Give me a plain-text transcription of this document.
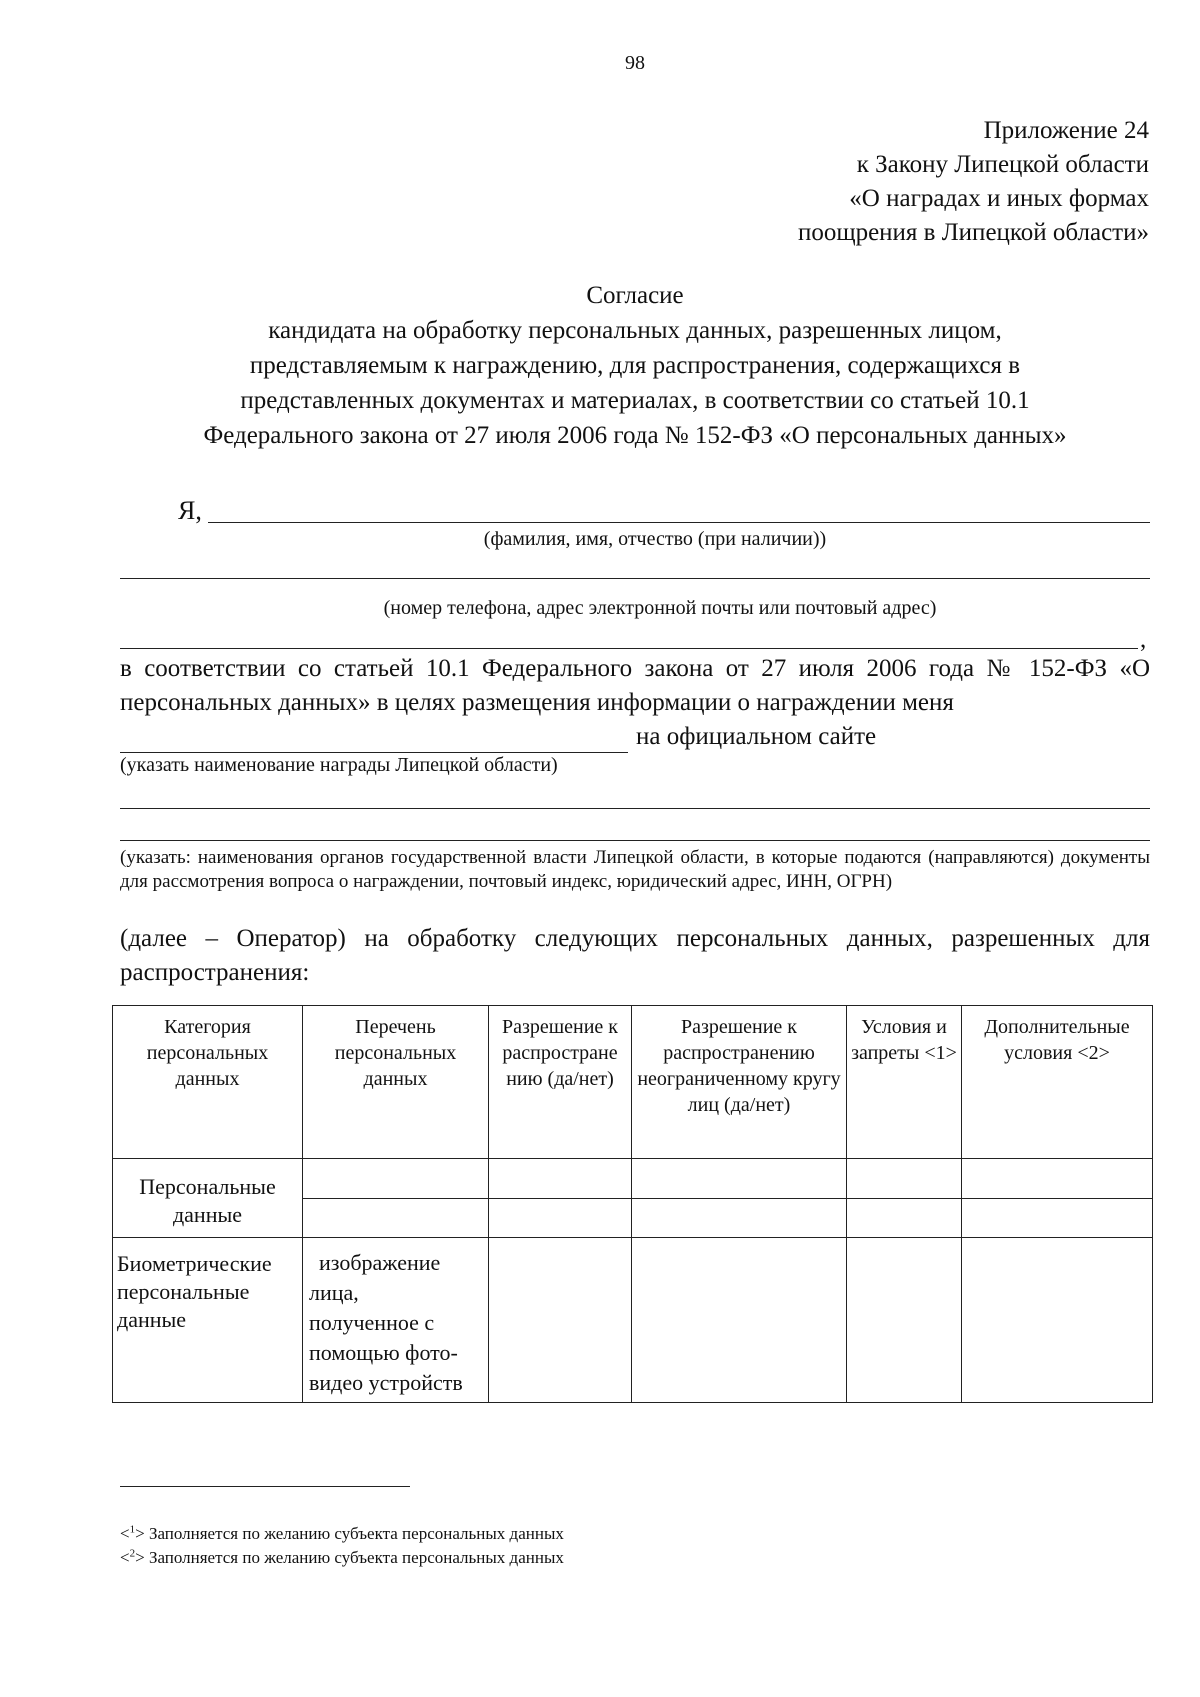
98
Приложение 24
к Закону Липецкой области
«О наградах и иных формах
поощрения в Липецкой области»
Согласие
кандидата на обработку персональных данных, разрешенных лицом,
представляемым к награждению, для распространения, содержащихся в
представленных документах и материалах, в соответствии со статьей 10.1
Федерального закона от 27 июля 2006 года № 152-ФЗ «О персональных данных»
Я,
(фамилия, имя, отчество (при наличии))
(номер телефона, адрес электронной почты или почтовый адрес)
,
в соответствии со статьей 10.1 Федерального закона от 27 июля 2006 года № 152-ФЗ «О персональных данных» в целях размещения информации о награждении меня
на официальном сайте
(указать наименование награды Липецкой области)
(указать: наименования органов государственной власти Липецкой области, в которые подаются (направляются) документы для рассмотрения вопроса о награждении, почтовый индекс, юридический адрес, ИНН, ОГРН)
(далее – Оператор) на обработку следующих персональных данных, разрешенных для распространения:
Категория персональных данных	Перечень персональных данных	Разрешение к распростране нию (да/нет)	Разрешение к распространению неограниченному кругу лиц (да/нет)	Условия и запреты <1>	Дополнительные условия <2>
Персональные данные					

Биометрические персональные данные	изображение
лица,
полученное с
помощью фото-
видео устройств				

<$^1$> Заполняется по желанию субъекта персональных данных
<$^2$> Заполняется по желанию субъекта персональных данных
